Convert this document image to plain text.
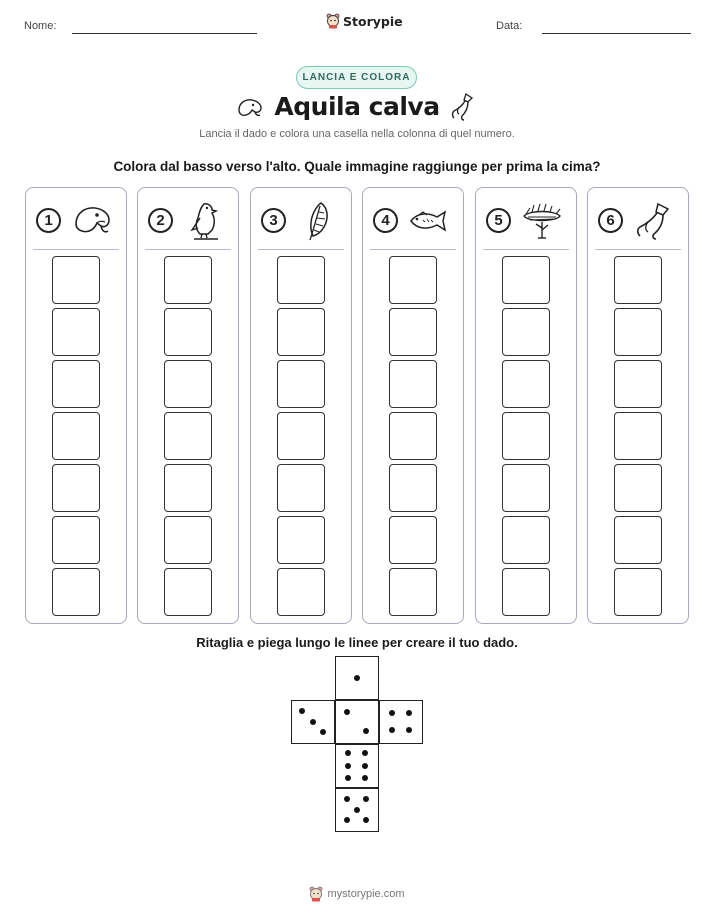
Nome:	Storypie	Data:
LANCIA E COLORA
Aquila calva
Lancia il dado e colora una casella nella colonna di quel numero.
Colora dal basso verso l'alto. Quale immagine raggiunge per prima la cima?
1	2	3	4	5	6
Ritaglia e piega lungo le linee per creare il tuo dado.
mystorypie.com
